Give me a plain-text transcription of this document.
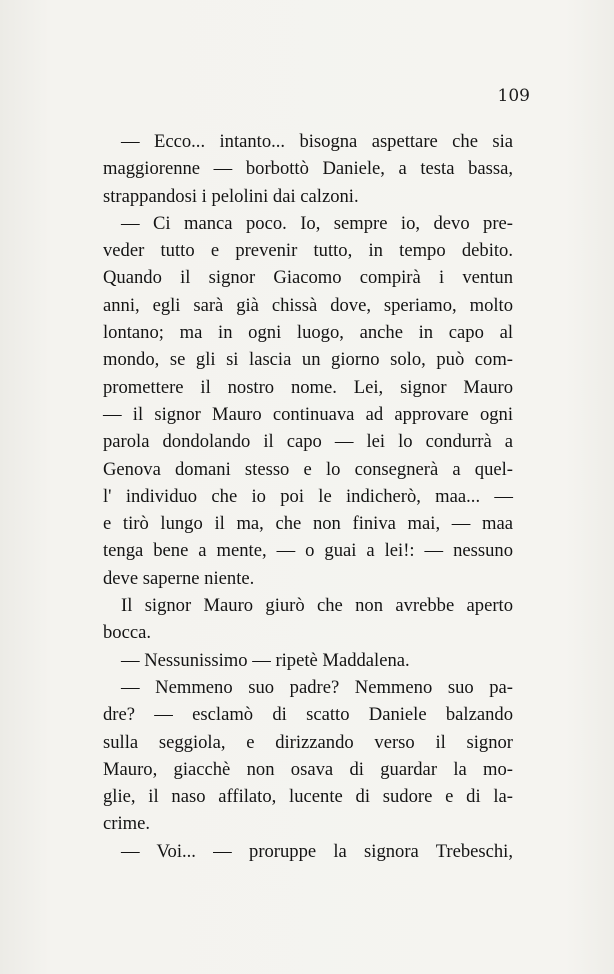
109
— Ecco... intanto... bisogna aspettare che sia
maggiorenne — borbottò Daniele, a testa bassa,
strappandosi i pelolini dai calzoni.
— Ci manca poco. Io, sempre io, devo pre-
veder tutto e prevenir tutto, in tempo debito.
Quando il signor Giacomo compirà i ventun
anni, egli sarà già chissà dove, speriamo, molto
lontano; ma in ogni luogo, anche in capo al
mondo, se gli si lascia un giorno solo, può com-
promettere il nostro nome. Lei, signor Mauro
— il signor Mauro continuava ad approvare ogni
parola dondolando il capo — lei lo condurrà a
Genova domani stesso e lo consegnerà a quel-
l' individuo che io poi le indicherò, maa... —
e tirò lungo il ma, che non finiva mai, — maa
tenga bene a mente, — o guai a lei!: — nessuno
deve saperne niente.
Il signor Mauro giurò che non avrebbe aperto
bocca.
— Nessunissimo — ripetè Maddalena.
— Nemmeno suo padre? Nemmeno suo pa-
dre? — esclamò di scatto Daniele balzando
sulla seggiola, e dirizzando verso il signor
Mauro, giacchè non osava di guardar la mo-
glie, il naso affilato, lucente di sudore e di la-
crime.
— Voi... — proruppe la signora Trebeschi,
